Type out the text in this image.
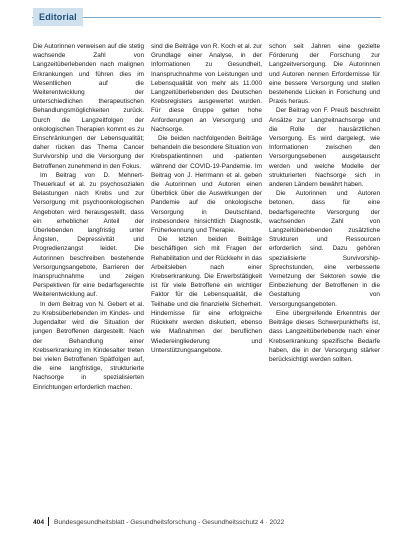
Editorial

Die Autorinnen verweisen auf die stetig wachsende Zahl von Langzeitüberlebenden nach malignen Erkrankungen und führen dies im Wesentlichen auf die Weiterentwicklung der unterschiedlichen therapeutischen Behandlungsmöglichkeiten zurück. Durch die Langzeitfolgen der onkologischen Therapien kommt es zu Einschränkungen der Lebensqualität; daher rücken das Thema Cancer Survivorship und die Versorgung der Betroffenen zunehmend in den Fokus.

Im Beitrag von D. Mehnert-Theuerkauf et al. zu psychosozialen Belastungen nach Krebs und zur Versorgung mit psychoonkologischen Angeboten wird herausgestellt, dass ein erheblicher Anteil der Überlebenden langfristig unter Ängsten, Depressivität und Progredienzangst leidet. Die Autorinnen beschreiben bestehende Versorgungsangebote, Barrieren der Inanspruchnahme und zeigen Perspektiven für eine bedarfsgerechte Weiterentwicklung auf.

In dem Beitrag von N. Gebert et al. zu Krebsüberlebenden im Kindes- und Jugendalter wird die Situation der jungen Betroffenen dargestellt. Nach der Behandlung einer Krebserkrankung im Kindesalter treten bei vielen Betroffenen Spätfolgen auf, die eine langfristige, strukturierte Nachsorge in spezialisierten Einrichtungen erforderlich machen.

sind die Beiträge von R. Koch et al. zur Grundlage einer Analyse, in der Informationen zu Gesundheit, Inanspruchnahme von Leistungen und Lebensqualität von mehr als 11.000 Langzeitüberlebenden des Deutschen Krebsregisters ausgewertet wurden. Für diese Gruppe gelten hohe Anforderungen an Versorgung und Nachsorge.

Die beiden nachfolgenden Beiträge behandeln die besondere Situation von Krebspatientinnen und -patienten während der COVID-19-Pandemie. Im Beitrag von J. Herrmann et al. geben die Autorinnen und Autoren einen Überblick über die Auswirkungen der Pandemie auf die onkologische Versorgung in Deutschland, insbesondere hinsichtlich Diagnostik, Früherkennung und Therapie.

Die letzten beiden Beiträge beschäftigen sich mit Fragen der Rehabilitation und der Rückkehr in das Arbeitsleben nach einer Krebserkrankung. Die Erwerbstätigkeit ist für viele Betroffene ein wichtiger Faktor für die Lebensqualität, die Teilhabe und die finanzielle Sicherheit. Hindernisse für eine erfolgreiche Rückkehr werden diskutiert, ebenso wie Maßnahmen der beruflichen Wiedereingliederung und Unterstützungsangebote.

schon seit Jahren eine gezielte Förderung der Forschung zur Langzeitversorgung. Die Autorinnen und Autoren nennen Erfordernisse für eine bessere Versorgung und stellen bestehende Lücken in Forschung und Praxis heraus.

Der Beitrag von F. Preuß beschreibt Ansätze zur Langzeitnachsorge und die Rolle der hausärztlichen Versorgung. Es wird dargelegt, wie Informationen zwischen den Versorgungsebenen ausgetauscht werden und welche Modelle der strukturierten Nachsorge sich in anderen Ländern bewährt haben.

Die Autorinnen und Autoren betonen, dass für eine bedarfsgerechte Versorgung der wachsenden Zahl von Langzeitüberlebenden zusätzliche Strukturen und Ressourcen erforderlich sind. Dazu gehören spezialisierte Survivorship-Sprechstunden, eine verbesserte Vernetzung der Sektoren sowie die Einbeziehung der Betroffenen in die Gestaltung von Versorgungsangeboten.

Eine übergreifende Erkenntnis der Beiträge dieses Schwerpunkthefts ist, dass Langzeitüberlebende nach einer Krebserkrankung spezifische Bedarfe haben, die in der Versorgung stärker berücksichtigt werden sollten.

404 Bundesgesundheitsblatt - Gesundheitsforschung - Gesundheitsschutz 4 · 2022
